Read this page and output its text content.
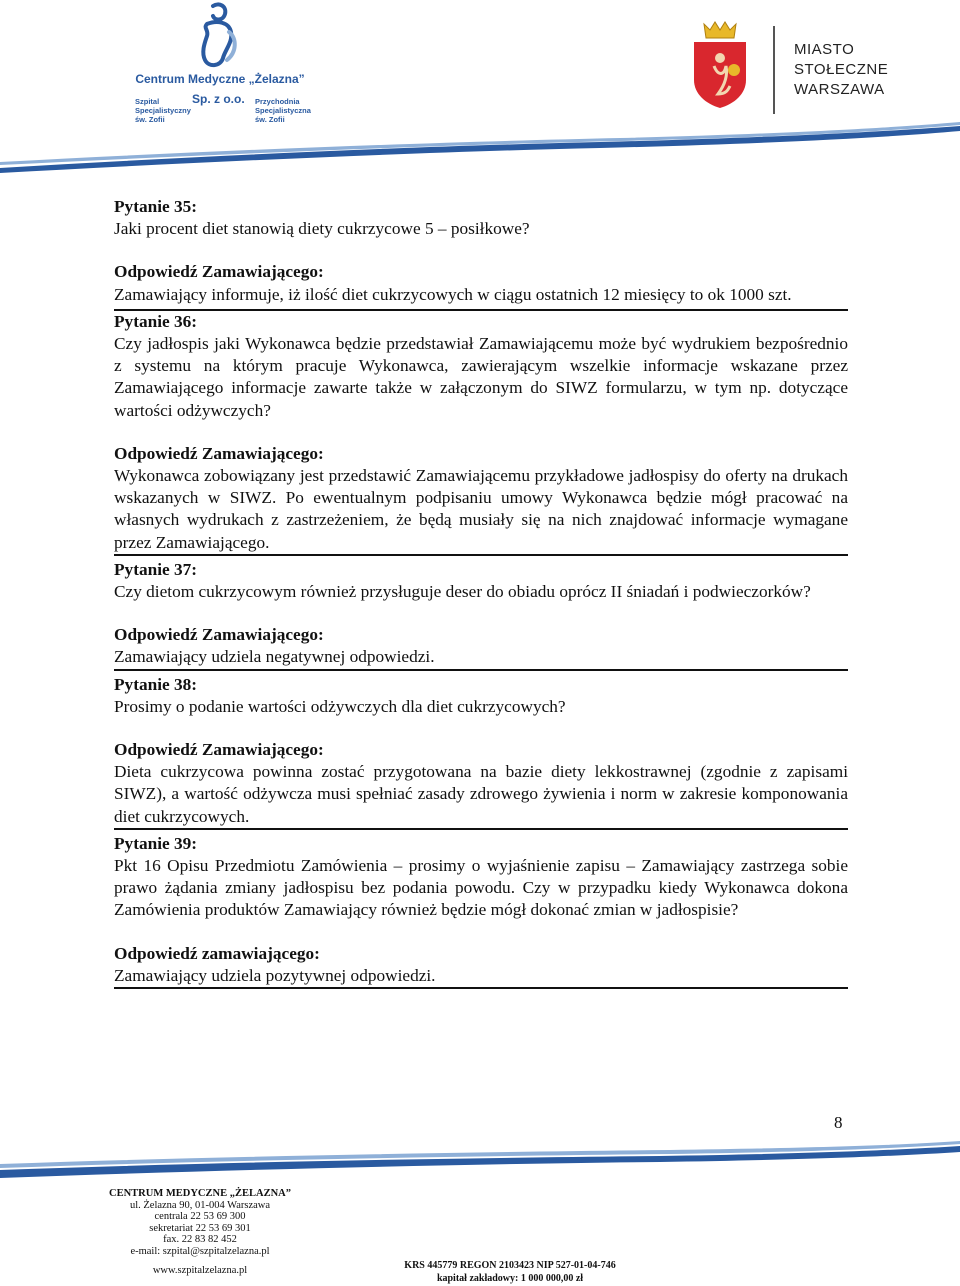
Centrum Medyczne „Żelazna”
Szpital
Specjalistyczny
św. Zofii
Sp. z o.o.	Przychodnia
Specjalistyczna
św. Zofii
MIASTO
STOŁECZNE
WARSZAWA
Pytanie 35:
Jaki procent diet stanowią diety cukrzycowe 5 – posiłkowe?
Odpowiedź Zamawiającego:
Zamawiający informuje, iż ilość diet cukrzycowych w ciągu ostatnich 12 miesięcy to ok 1000 szt.
Pytanie 36:
Czy jadłospis jaki Wykonawca będzie przedstawiał Zamawiającemu może być wydrukiem bezpośrednio z systemu na którym pracuje Wykonawca, zawierającym wszelkie informacje wskazane przez Zamawiającego informacje zawarte także w załączonym do SIWZ formularzu, w tym np. dotyczące wartości odżywczych?
Odpowiedź Zamawiającego:
Wykonawca zobowiązany jest przedstawić Zamawiającemu przykładowe jadłospisy do oferty na drukach wskazanych w SIWZ. Po ewentualnym podpisaniu umowy Wykonawca będzie mógł pracować na własnych wydrukach z zastrzeżeniem, że będą musiały się na nich znajdować informacje wymagane przez Zamawiającego.
Pytanie 37:
Czy dietom cukrzycowym również przysługuje deser do obiadu oprócz II śniadań i podwieczorków?
Odpowiedź Zamawiającego:
Zamawiający udziela negatywnej odpowiedzi.
Pytanie 38:
Prosimy o podanie wartości odżywczych dla diet cukrzycowych?
Odpowiedź Zamawiającego:
Dieta cukrzycowa powinna zostać przygotowana na bazie diety lekkostrawnej (zgodnie z zapisami SIWZ), a wartość odżywcza musi spełniać zasady zdrowego żywienia i norm w zakresie komponowania diet cukrzycowych.
Pytanie 39:
Pkt 16 Opisu Przedmiotu Zamówienia – prosimy o wyjaśnienie zapisu – Zamawiający zastrzega sobie prawo żądania zmiany jadłospisu bez podania powodu. Czy w przypadku kiedy Wykonawca dokona Zamówienia produktów Zamawiający również będzie mógł dokonać zmian w jadłospisie?
Odpowiedź zamawiającego:
Zamawiający udziela pozytywnej odpowiedzi.
8
CENTRUM MEDYCZNE „ŻELAZNA”
ul. Żelazna 90, 01-004 Warszawa
centrala 22 53 69 300
sekretariat 22 53 69 301
fax. 22 83 82 452
e-mail: szpital@szpitalzelazna.pl
www.szpitalzelazna.pl	KRS 445779 REGON 2103423 NIP 527-01-04-746
kapitał zakładowy: 1 000 000,00 zł
